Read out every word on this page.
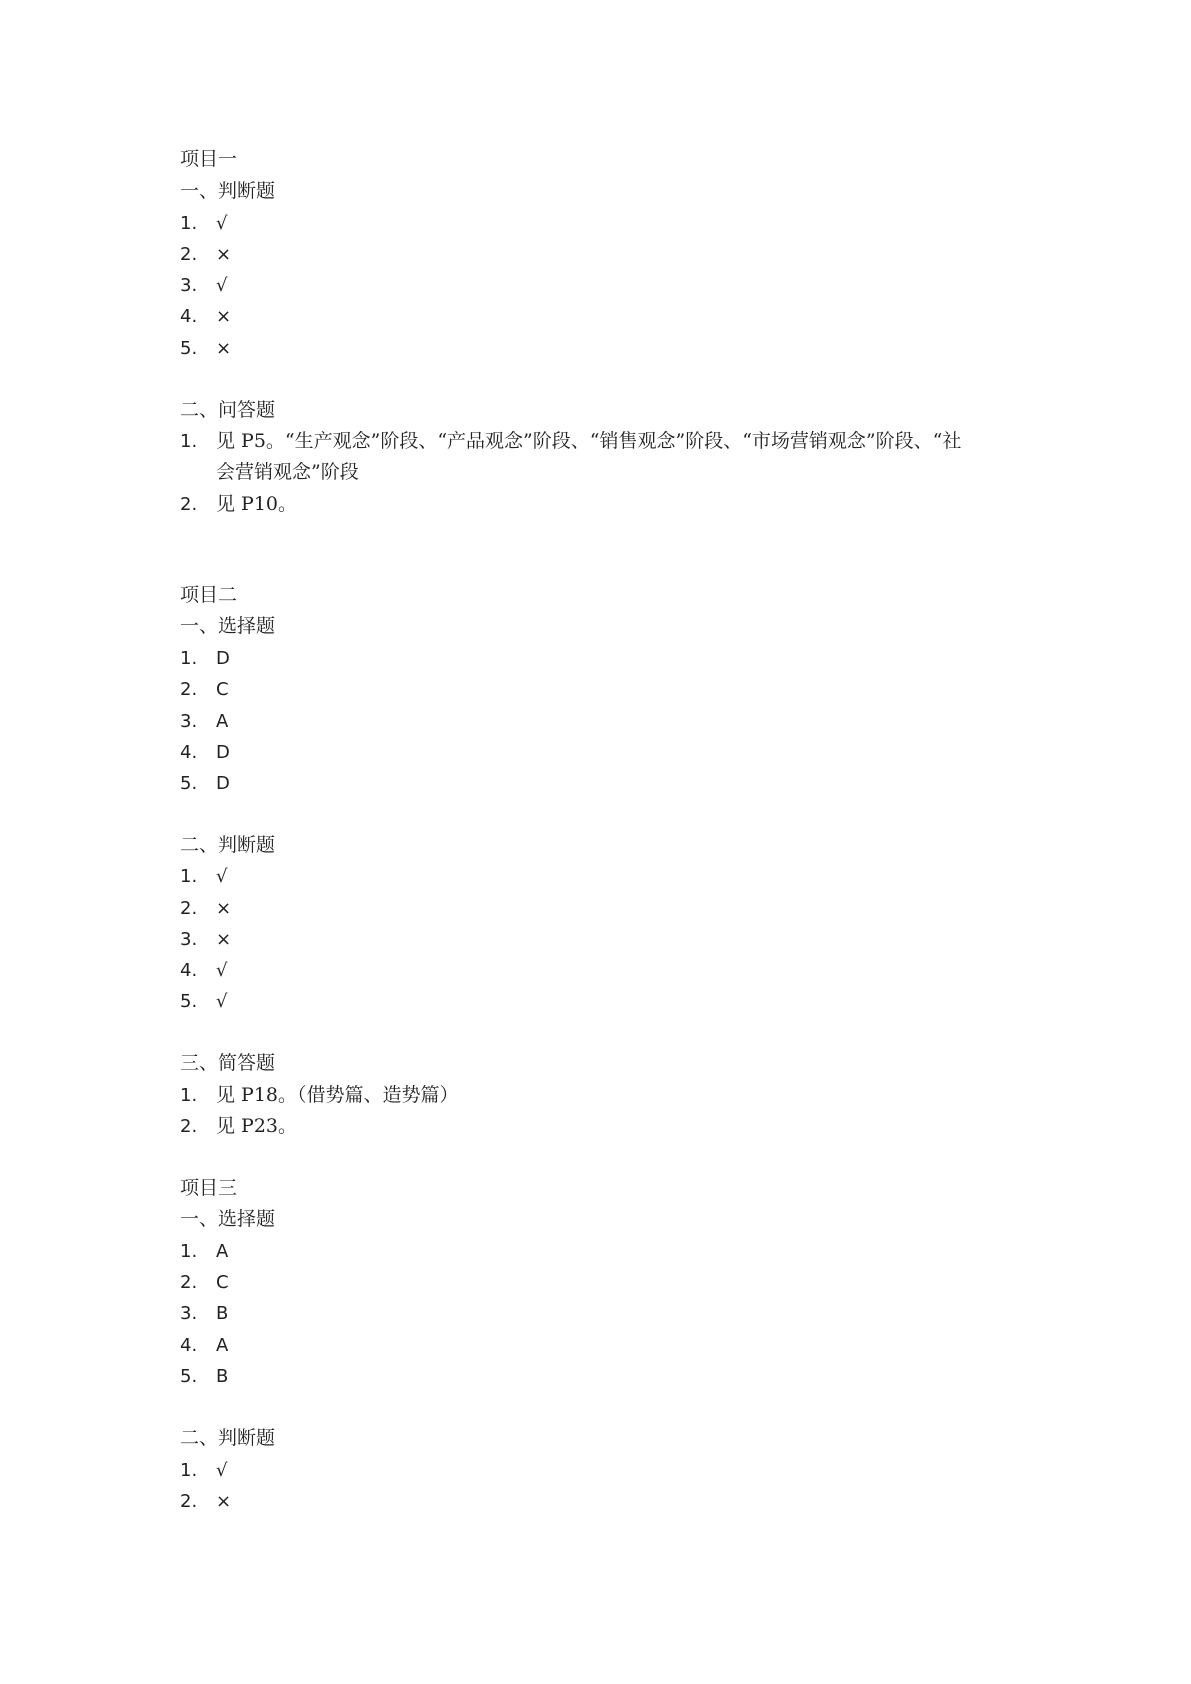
项目一
一、判断题
1. √
2. ×
3. √
4. ×
5. ×
二、问答题
1. 见 P5。“生产观念”阶段、“产品观念”阶段、“销售观念”阶段、“市场营销观念”阶段、“社
会营销观念”阶段
2. 见 P10。
项目二
一、选择题
1. D
2. C
3. A
4. D
5. D
二、判断题
1. √
2. ×
3. ×
4. √
5. √
三、简答题
1. 见 P18。（借势篇、造势篇）
2. 见 P23。
项目三
一、选择题
1. A
2. C
3. B
4. A
5. B
二、判断题
1. √
2. ×
